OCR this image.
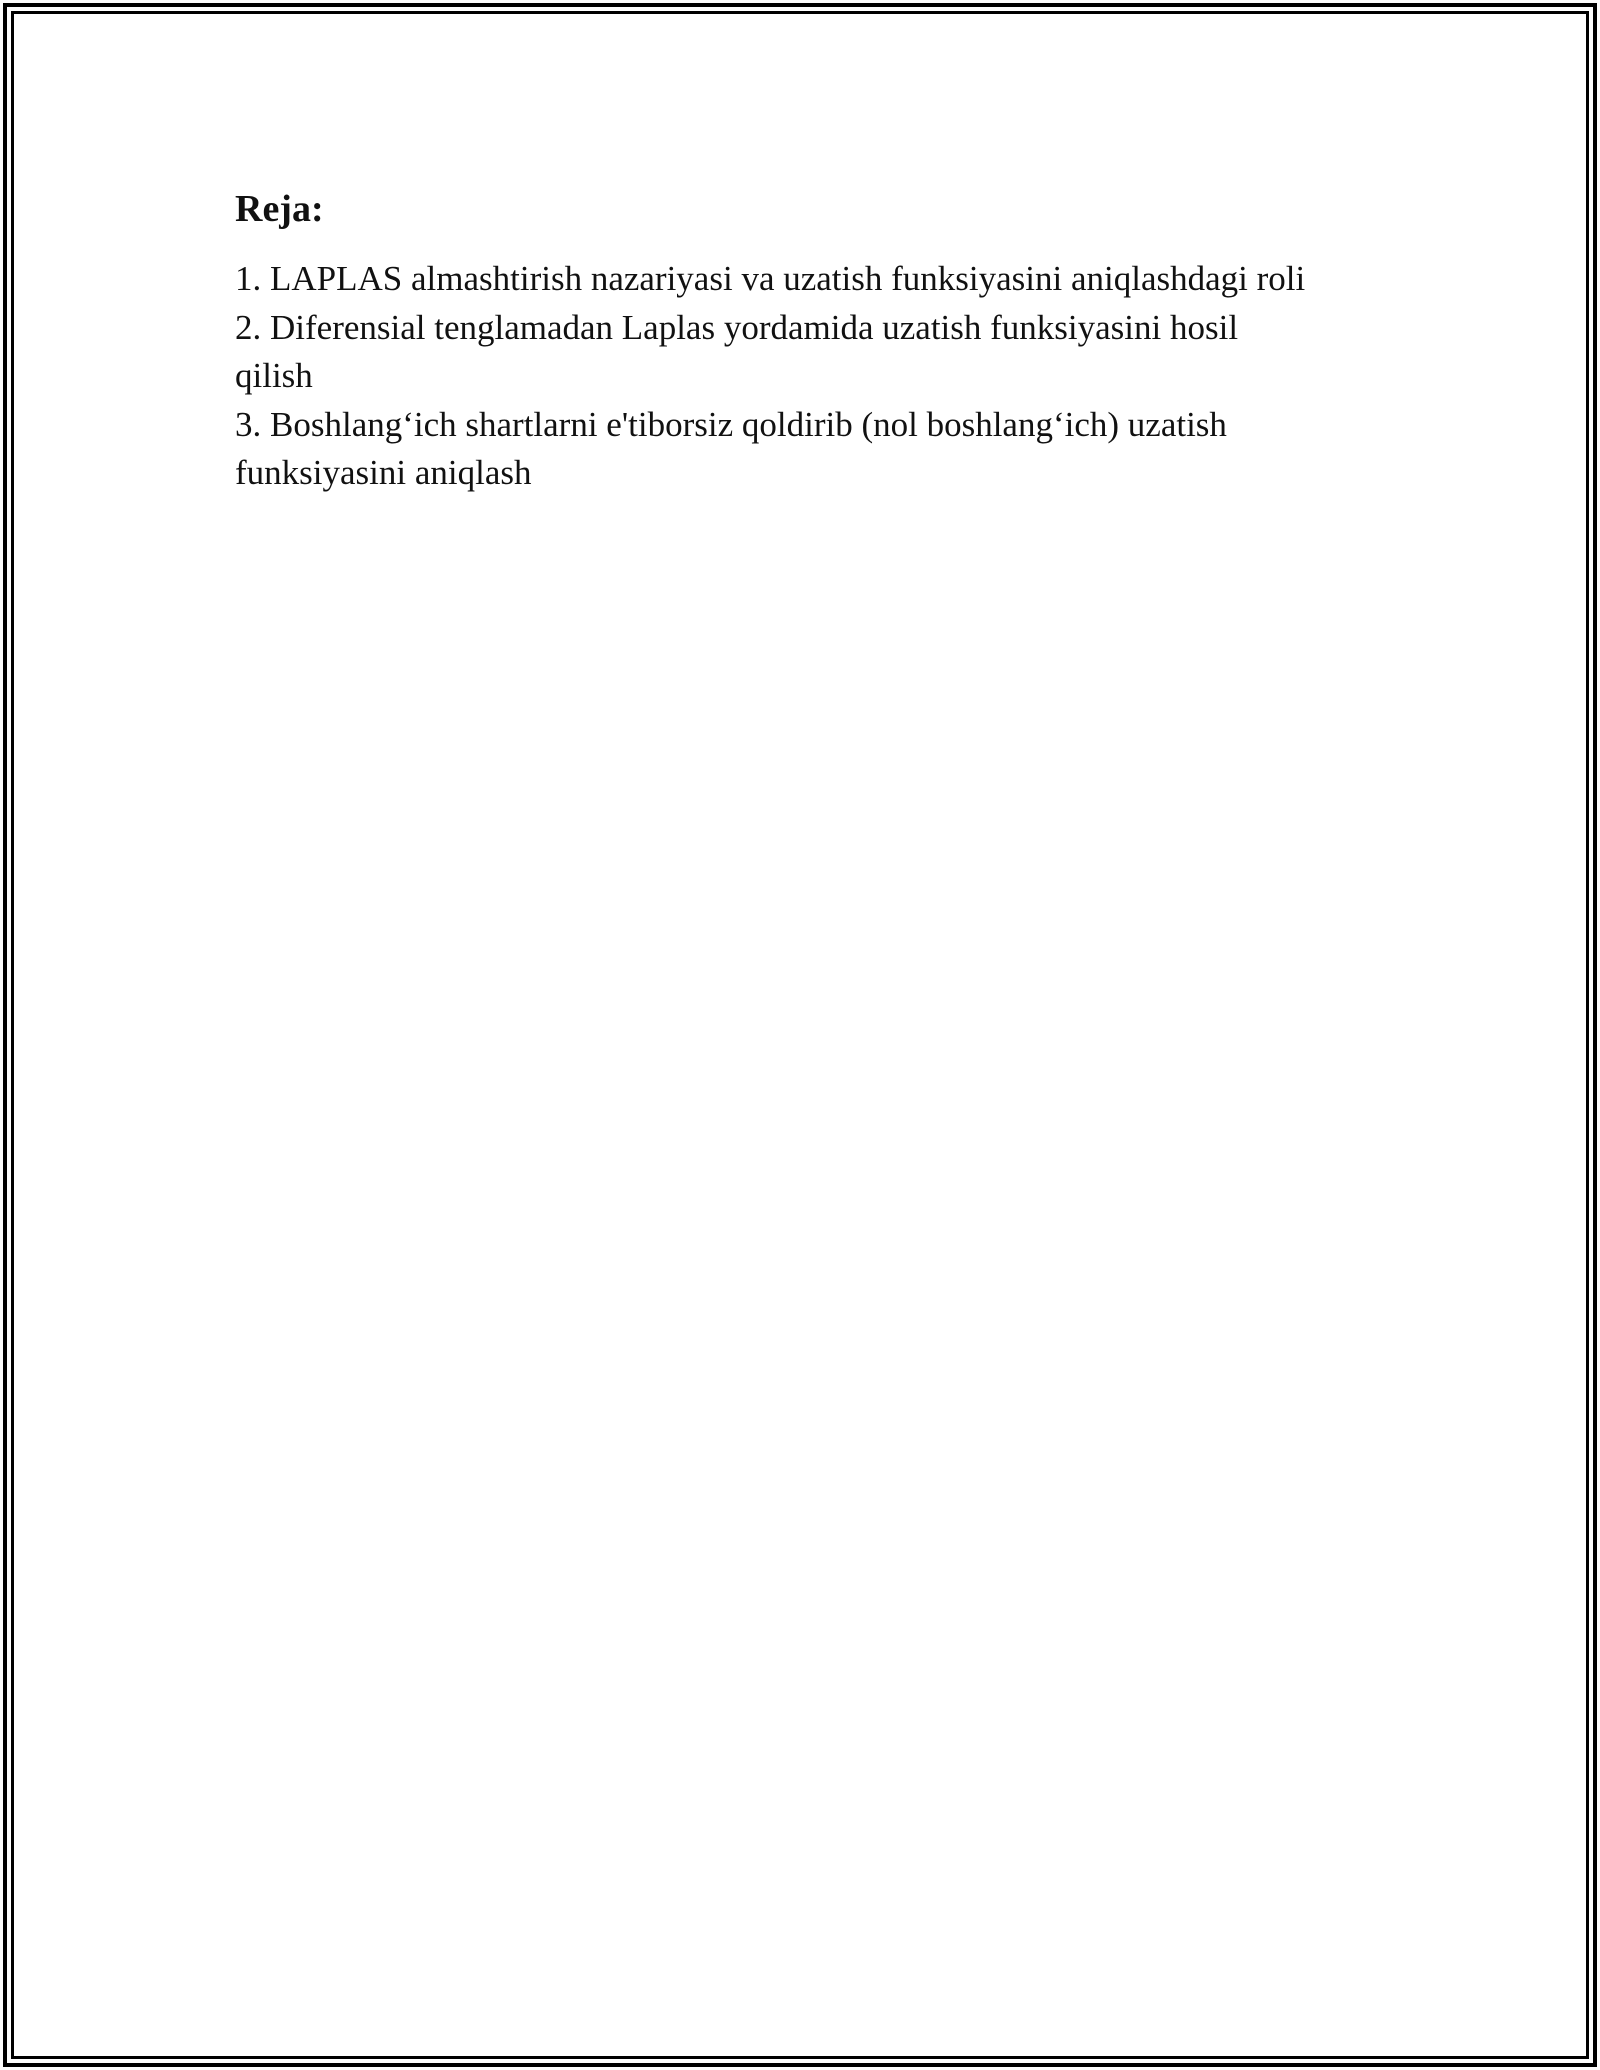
Reja:
1. LAPLAS almashtirish nazariyasi va uzatish funksiyasini aniqlashdagi roli
2. Diferensial tenglamadan Laplas yordamida uzatish funksiyasini hosil
qilish
3. Boshlang‘ich shartlarni e'tiborsiz qoldirib (nol boshlang‘ich) uzatish
funksiyasini aniqlash
